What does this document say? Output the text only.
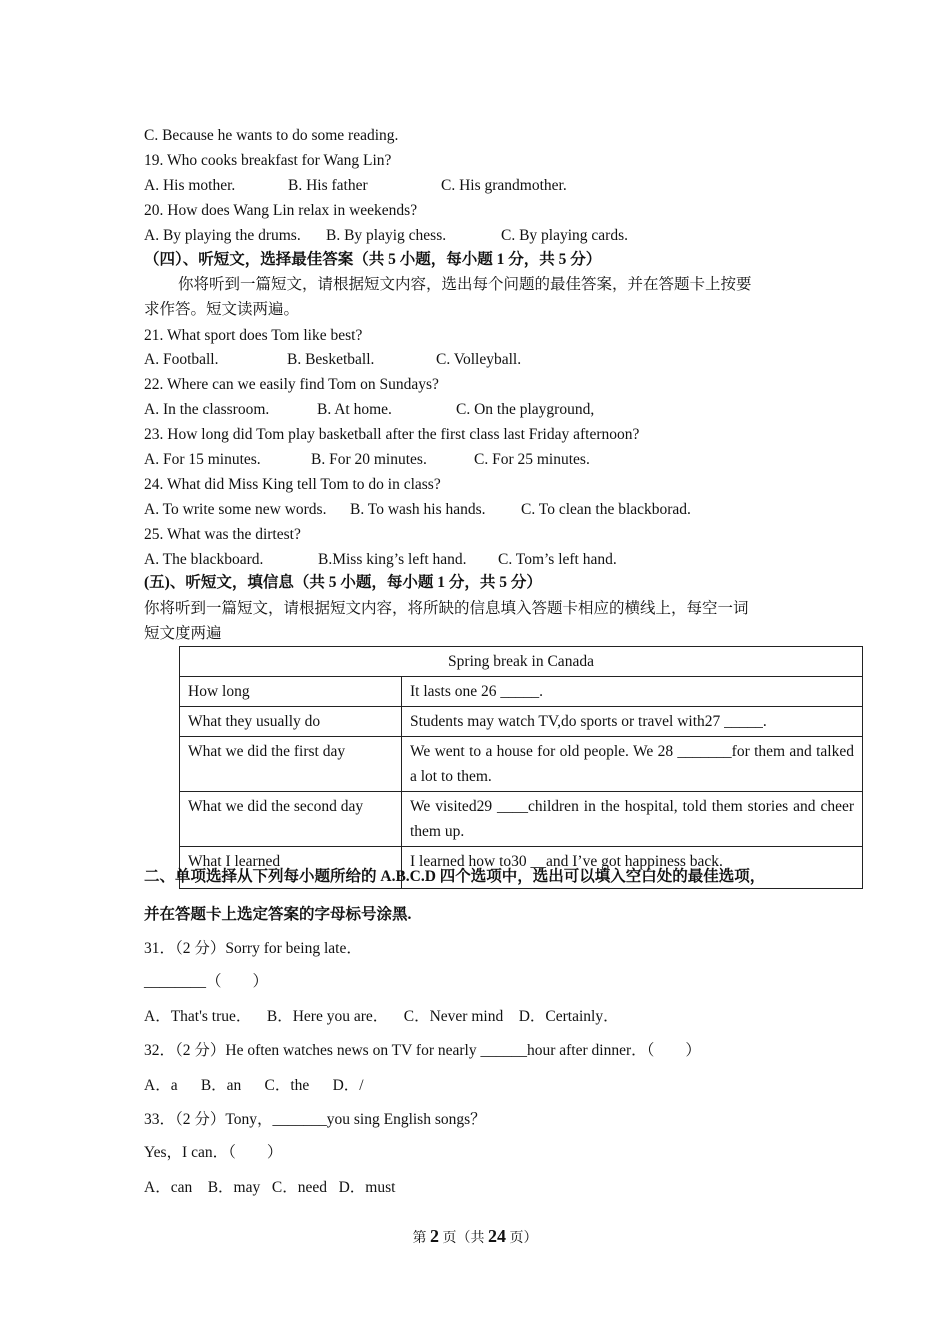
C. Because he wants to do some reading.
19. Who cooks breakfast for Wang Lin?
A. His mother.	B. His father	C. His grandmother.
20. How does Wang Lin relax in weekends?
A. By playing the drums. B. By playig chess.	C. By playing cards.
（四）、听短文，选择最佳答案（共 5 小题，每小题 1 分，共 5 分）
你将听到一篇短文，请根据短文内容，选出每个问题的最佳答案，并在答题卡上按要
求作答。短文读两遍。
21. What sport does Tom like best?
A. Football.	B. Besketball.	C. Volleyball.
22. Where can we easily find Tom on Sundays?
A. In the classroom.	B. At home.	C. On the playground,
23. How long did Tom play basketball after the first class last Friday afternoon?
A. For 15 minutes.	B. For 20 minutes.	C. For 25 minutes.
24. What did Miss King tell Tom to do in class?
A. To write some new words. B. To wash his hands. C. To clean the blackborad.
25. What was the dirtest?
A. The blackboard.	B.Miss king’s left hand. C. Tom’s left hand.
(五)、听短文，填信息（共 5 小题，每小题 1 分，共 5 分）
你将听到一篇短文，请根据短文内容，将所缺的信息填入答题卡相应的横线上，每空一词
短文度两遍
Spring break in Canada	
How long	It lasts one 26 _____.
What they usually do	Students may watch TV,do sports or travel with27 _____.
What we did the first day	We went to a house for old people. We 28 _______for them and talked a lot to them.
What we did the second day	We visited29 ____children in the hospital, told them stories and cheer them up.
What I learned	I learned how to30 __and I’ve got happiness back.
二、单项选择从下列每小题所给的 A.B.C.D 四个选项中，选出可以填入空白处的最佳选项，
并在答题卡上选定答案的字母标号涂黑.
31．（2 分）Sorry for being late．
________（　　）
A．That's true．    B．Here you are．    C．Never mind    D．Certainly．
32．（2 分）He often watches news on TV for nearly ______hour after dinner．（　　）
A．a      B．an      C．the      D．/
33．（2 分）Tony，_______you sing English songs？
Yes，I can．（　　）
A．can    B．may   C．need   D．must
第 2 页（共 24 页）
